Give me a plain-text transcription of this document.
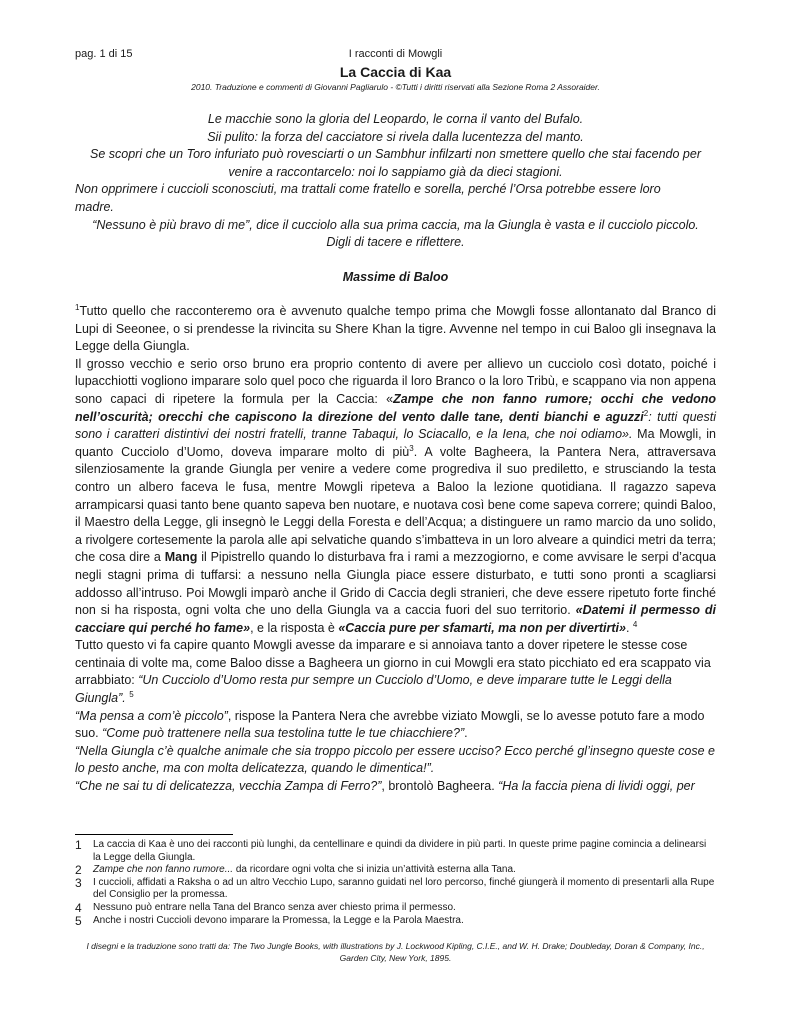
pag. 1 di 15	I racconti di Mowgli
La Caccia di Kaa
2010. Traduzione e commenti di Giovanni Pagliarulo - ©Tutti i diritti riservati alla Sezione Roma 2 Assoraider.
Le macchie sono la gloria del Leopardo, le corna il vanto del Bufalo.
Sii pulito: la forza del cacciatore si rivela dalla lucentezza del manto.
Se scopri che un Toro infuriato può rovesciarti o un Sambhur infilzarti non smettere quello che stai facendo per
venire a raccontarcelo: noi lo sappiamo già da dieci stagioni.
Non opprimere i cuccioli sconosciuti, ma trattali come fratello e sorella, perché l’Orsa potrebbe essere loro
madre.
“Nessuno è più bravo di me”, dice il cucciolo alla sua prima caccia, ma la Giungla è vasta e il cucciolo piccolo.
Digli di tacere e riflettere.
Massime di Baloo

$^1$Tutto quello che racconteremo ora è avvenuto qualche tempo prima che Mowgli fosse allontanato dal Branco di Lupi di Seeonee, o si prendesse la rivincita su Shere Khan la tigre. Avvenne nel tempo in cui Baloo gli insegnava la Legge della Giungla.

Il grosso vecchio e serio orso bruno era proprio contento di avere per allievo un cucciolo così dotato, poiché i lupacchiotti vogliono imparare solo quel poco che riguarda il loro Branco o la loro Tribù, e scappano via non appena sono capaci di ripetere la formula per la Caccia: «Zampe che non fanno rumore; occhi che vedono nell’oscurità; orecchi che capiscono la direzione del vento dalle tane, denti bianchi e aguzzi$^2$: tutti questi sono i caratteri distintivi dei nostri fratelli, tranne Tabaqui, lo Sciacallo, e la Iena, che noi odiamo». Ma Mowgli, in quanto Cucciolo d’Uomo, doveva imparare molto di più$^3$. A volte Bagheera, la Pantera Nera, attraversava silenziosamente la grande Giungla per venire a vedere come progrediva il suo prediletto, e strusciando la testa contro un albero faceva le fusa, mentre Mowgli ripeteva a Baloo la lezione quotidiana. Il ragazzo sapeva arrampicarsi quasi tanto bene quanto sapeva ben nuotare, e nuotava così bene come sapeva correre; quindi Baloo, il Maestro della Legge, gli insegnò le Leggi della Foresta e dell’Acqua; a distinguere un ramo marcio da uno solido, a rivolgere cortesemente la parola alle api selvatiche quando s’imbatteva in un loro alveare a quindici metri da terra; che cosa dire a Mang il Pipistrello quando lo disturbava fra i rami a mezzogiorno, e come avvisare le serpi d’acqua negli stagni prima di tuffarsi: a nessuno nella Giungla piace essere disturbato, e tutti sono pronti a scagliarsi addosso all’intruso. Poi Mowgli imparò anche il Grido di Caccia degli stranieri, che deve essere ripetuto forte finché non si ha risposta, ogni volta che uno della Giungla va a caccia fuori del suo territorio. «Datemi il permesso di cacciare qui perché ho fame», e la risposta è «Caccia pure per sfamarti, ma non per divertirti». $^4$

Tutto questo vi fa capire quanto Mowgli avesse da imparare e si annoiava tanto a dover ripetere le stesse cose centinaia di volte ma, come Baloo disse a Bagheera un giorno in cui Mowgli era stato picchiato ed era scappato via arrabbiato: “Un Cucciolo d’Uomo resta pur sempre un Cucciolo d’Uomo, e deve imparare tutte le Leggi della Giungla”. $^5$

“Ma pensa a com’è piccolo”, rispose la Pantera Nera che avrebbe viziato Mowgli, se lo avesse potuto fare a modo suo. “Come può trattenere nella sua testolina tutte le tue chiacchiere?”.

“Nella Giungla c’è qualche animale che sia troppo piccolo per essere ucciso? Ecco perché gl’insegno queste cose e lo pesto anche, ma con molta delicatezza, quando le dimentica!”.

“Che ne sai tu di delicatezza, vecchia Zampa di Ferro?”, brontolò Bagheera. “Ha la faccia piena di lividi oggi, per

1	La caccia di Kaa è uno dei racconti più lunghi, da centellinare e quindi da dividere in più parti. In queste prime pagine comincia a delinearsi la Legge della Giungla.
2	Zampe che non fanno rumore... da ricordare ogni volta che si inizia un’attività esterna alla Tana.
3	I cuccioli, affidati a Raksha o ad un altro Vecchio Lupo, saranno guidati nel loro percorso, finché giungerà il momento di presentarli alla Rupe del Consiglio per la promessa.
4	Nessuno può entrare nella Tana del Branco senza aver chiesto prima il permesso.
5	Anche i nostri Cuccioli devono imparare la Promessa, la Legge e la Parola Maestra.
I disegni e la traduzione sono tratti da: The Two Jungle Books, with illustrations by J. Lockwood Kipling, C.I.E., and W. H. Drake; Doubleday, Doran & Company, Inc., Garden City, New York, 1895.
